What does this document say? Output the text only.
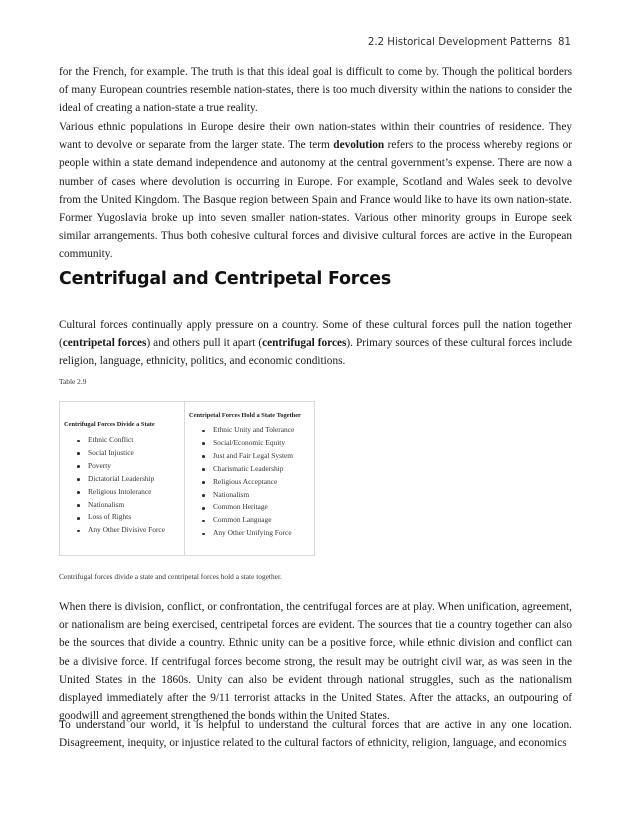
2.2 Historical Development Patterns 81

for the French, for example. The truth is that this ideal goal is difficult to come by. Though the political borders of many European countries resemble nation-states, there is too much diversity within the nations to consider the ideal of creating a nation-state a true reality.

Various ethnic populations in Europe desire their own nation-states within their countries of residence. They want to devolve or separate from the larger state. The term devolution refers to the process whereby regions or people within a state demand independence and autonomy at the central government’s expense. There are now a number of cases where devolution is occurring in Europe. For example, Scotland and Wales seek to devolve from the United Kingdom. The Basque region between Spain and France would like to have its own nation-state. Former Yugoslavia broke up into seven smaller nation-states. Various other minority groups in Europe seek similar arrangements. Thus both cohesive cultural forces and divisive cultural forces are active in the European community.

Centrifugal and Centripetal Forces

Cultural forces continually apply pressure on a country. Some of these cultural forces pull the nation together (centripetal forces) and others pull it apart (centrifugal forces). Primary sources of these cultural forces include religion, language, ethnicity, politics, and economic conditions.

Table 2.9
Centrifugal Forces Divide a State
Ethnic Conflict
Social Injustice
Poverty
Dictatorial Leadership
Religious Intolerance
Nationalism
Loss of Rights
Any Other Divisive Force
Centripetal Forces Hold a State Together
Ethnic Unity and Tolerance
Social/Economic Equity
Just and Fair Legal System
Charismatic Leadership
Religious Acceptance
Nationalism
Common Heritage
Common Language
Any Other Unifying Force
Centrifugal forces divide a state and centripetal forces hold a state together.

When there is division, conflict, or confrontation, the centrifugal forces are at play. When unification, agreement, or nationalism are being exercised, centripetal forces are evident. The sources that tie a country together can also be the sources that divide a country. Ethnic unity can be a positive force, while ethnic division and conflict can be a divisive force. If centrifugal forces become strong, the result may be outright civil war, as was seen in the United States in the 1860s. Unity can also be evident through national struggles, such as the nationalism displayed immediately after the 9/11 terrorist attacks in the United States. After the attacks, an outpouring of goodwill and agreement strengthened the bonds within the United States.

To understand our world, it is helpful to understand the cultural forces that are active in any one location. Disagreement, inequity, or injustice related to the cultural factors of ethnicity, religion, language, and economics
